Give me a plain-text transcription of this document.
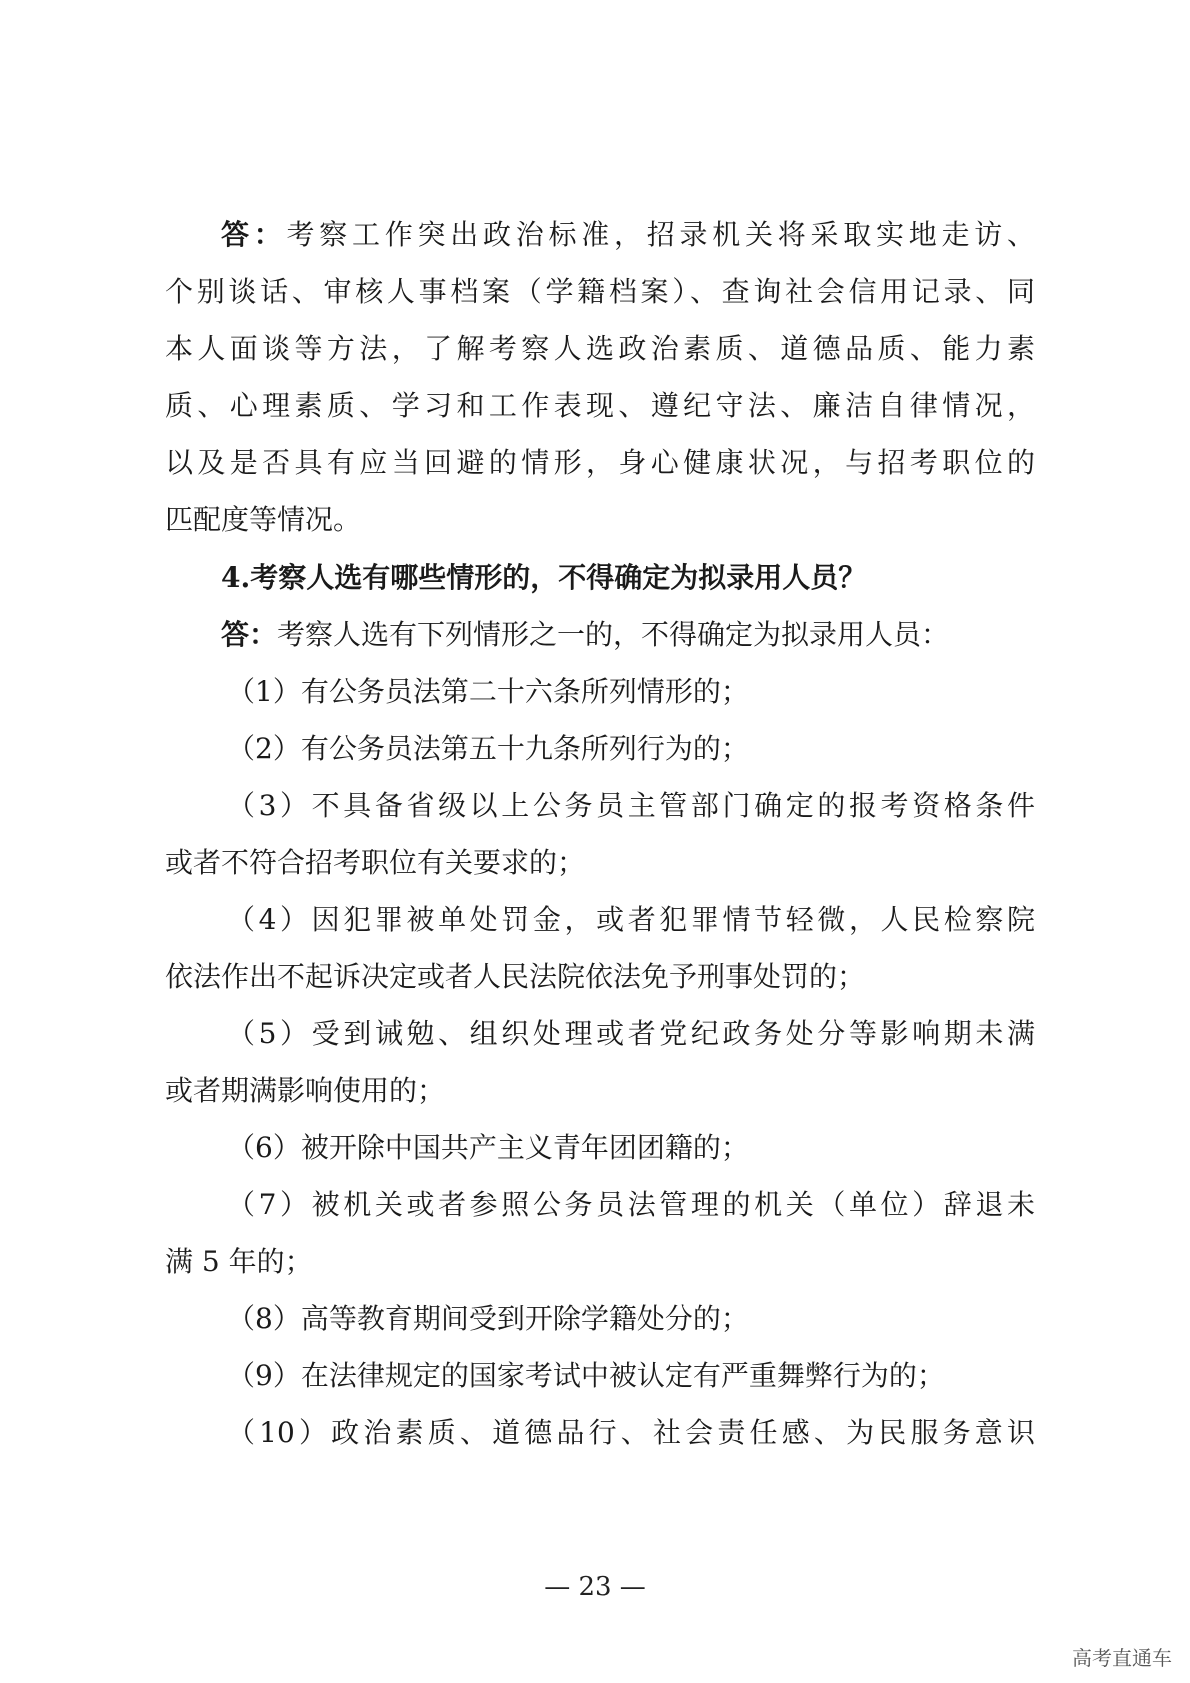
答：考察工作突出政治标准，招录机关将采取实地走访、
个别谈话、审核人事档案（学籍档案）、查询社会信用记录、同
本人面谈等方法，了解考察人选政治素质、道德品质、能力素
质、心理素质、学习和工作表现、遵纪守法、廉洁自律情况，
以及是否具有应当回避的情形，身心健康状况，与招考职位的
匹配度等情况。
4.考察人选有哪些情形的，不得确定为拟录用人员？
答：考察人选有下列情形之一的，不得确定为拟录用人员：
（1）有公务员法第二十六条所列情形的；
（2）有公务员法第五十九条所列行为的；
（3）不具备省级以上公务员主管部门确定的报考资格条件
或者不符合招考职位有关要求的；
（4）因犯罪被单处罚金，或者犯罪情节轻微，人民检察院
依法作出不起诉决定或者人民法院依法免予刑事处罚的；
（5）受到诫勉、组织处理或者党纪政务处分等影响期未满
或者期满影响使用的；
（6）被开除中国共产主义青年团团籍的；
（7）被机关或者参照公务员法管理的机关（单位）辞退未
满 5 年的；
（8）高等教育期间受到开除学籍处分的；
（9）在法律规定的国家考试中被认定有严重舞弊行为的；
（10）政治素质、道德品行、社会责任感、为民服务意识
— 23 —
高考直通车
